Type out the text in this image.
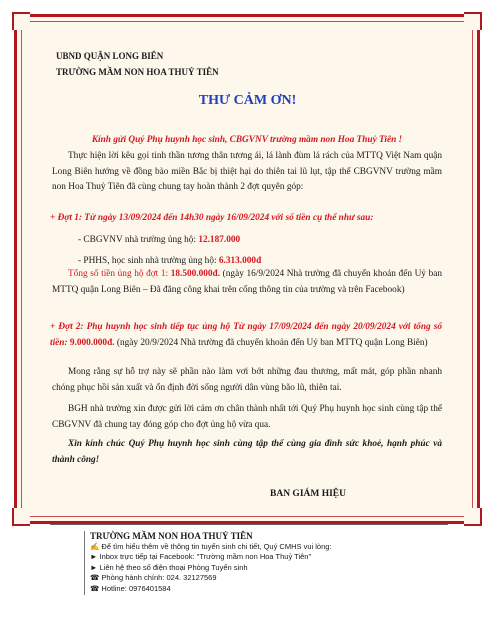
UBND QUẬN LONG BIÊN
TRƯỜNG MẦM NON HOA THUỶ TIÊN
THƯ CẢM ƠN!
Kính gửi Quý Phụ huynh học sinh, CBGVNV trường mầm non Hoa Thuỷ Tiên !
Thực hiện lời kêu gọi tinh thần tương thân tương ái, lá lành đùm lá rách của MTTQ Việt Nam quận Long Biên hướng về đồng bào miền Bắc bị thiệt hại do thiên tai lũ lụt, tập thể CBGVNV trường mầm non Hoa Thuỷ Tiên đã cùng chung tay hoàn thành 2 đợt quyên góp:
+ Đợt 1: Từ ngày 13/09/2024 đến 14h30 ngày 16/09/2024 với số tiền cụ thể như sau:
- CBGVNV nhà trường ủng hộ: 12.187.000
- PHHS, học sinh nhà trường ủng hộ: 6.313.000đ
Tổng số tiền ủng hộ đợt 1: 18.500.000đ. (ngày 16/9/2024 Nhà trường đã chuyển khoản đến Uỷ ban MTTQ quận Long Biên – Đã đăng công khai trên cổng thông tin của trường và trên Facebook)
+ Đợt 2: Phụ huynh học sinh tiếp tục ủng hộ Từ ngày 17/09/2024 đến ngày 20/09/2024 với tổng số tiền: 9.000.000đ. (ngày 20/9/2024 Nhà trường đã chuyển khoản đến Uỷ ban MTTQ quận Long Biên)
Mong rằng sự hỗ trợ này sẽ phần nào làm vơi bớt những đau thương, mất mát, góp phần nhanh chóng phục hồi sản xuất và ổn định đời sống người dân vùng bão lũ, thiên tai.
BGH nhà trường xin được gửi lời cảm ơn chân thành nhất tới Quý Phụ huynh học sinh cùng tập thể CBGVNV đã chung tay đóng góp cho đợt ủng hộ vừa qua.
Xin kính chúc Quý Phụ huynh học sinh cùng tập thể cùng gia đình sức khoẻ, hạnh phúc và thành công!
BAN GIÁM HIỆU
TRƯỜNG MẦM NON HOA THUỶ TIÊN
✍ Để tìm hiểu thêm về thông tin tuyển sinh chi tiết, Quý CMHS vui lòng:
► Inbox trực tiếp tại Facebook: "Trường mầm non Hoa Thuỷ Tiên"
► Liên hệ theo số điện thoại Phòng Tuyển sinh
☎ Phòng hành chính: 024. 32127569
☎ Hotline: 0976401584
